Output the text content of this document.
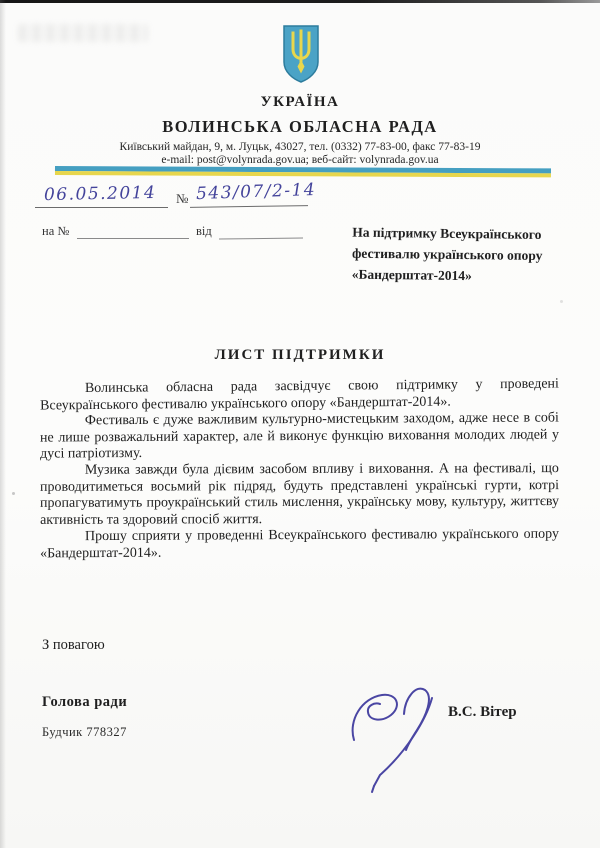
УКРАЇНА
ВОЛИНСЬКА ОБЛАСНА РАДА
Київський майдан, 9, м. Луцьк, 43027, тел. (0332) 77-83-00, факс 77-83-19
e-mail: post@volynrada.gov.ua; веб-сайт: volynrada.gov.ua
06.05.2014 № 543/07/2-14
на №	від	На підтримку Всеукраїнського
фестивалю українського опору
«Бандерштат-2014»
ЛИСТ ПІДТРИМКИ

Волинська обласна рада засвідчує свою підтримку у проведені Всеукраїнського фестивалю українського опору «Бандерштат-2014».

Фестиваль є дуже важливим культурно-мистецьким заходом, адже несе в собі не лише розважальний характер, але й виконує функцію виховання молодих людей у дусі патріотизму.

Музика завжди була дієвим засобом впливу і виховання. А на фестивалі, що проводитиметься восьмий рік підряд, будуть представлені українські гурти, котрі пропагуватимуть проукраїнський стиль мислення, українську мову, культуру, життєву активність та здоровий спосіб життя.

Прошу сприяти у проведенні Всеукраїнського фестивалю українського опору «Бандерштат-2014».

З повагою
Голова ради
Будчик 778327
В.С. Вітер
